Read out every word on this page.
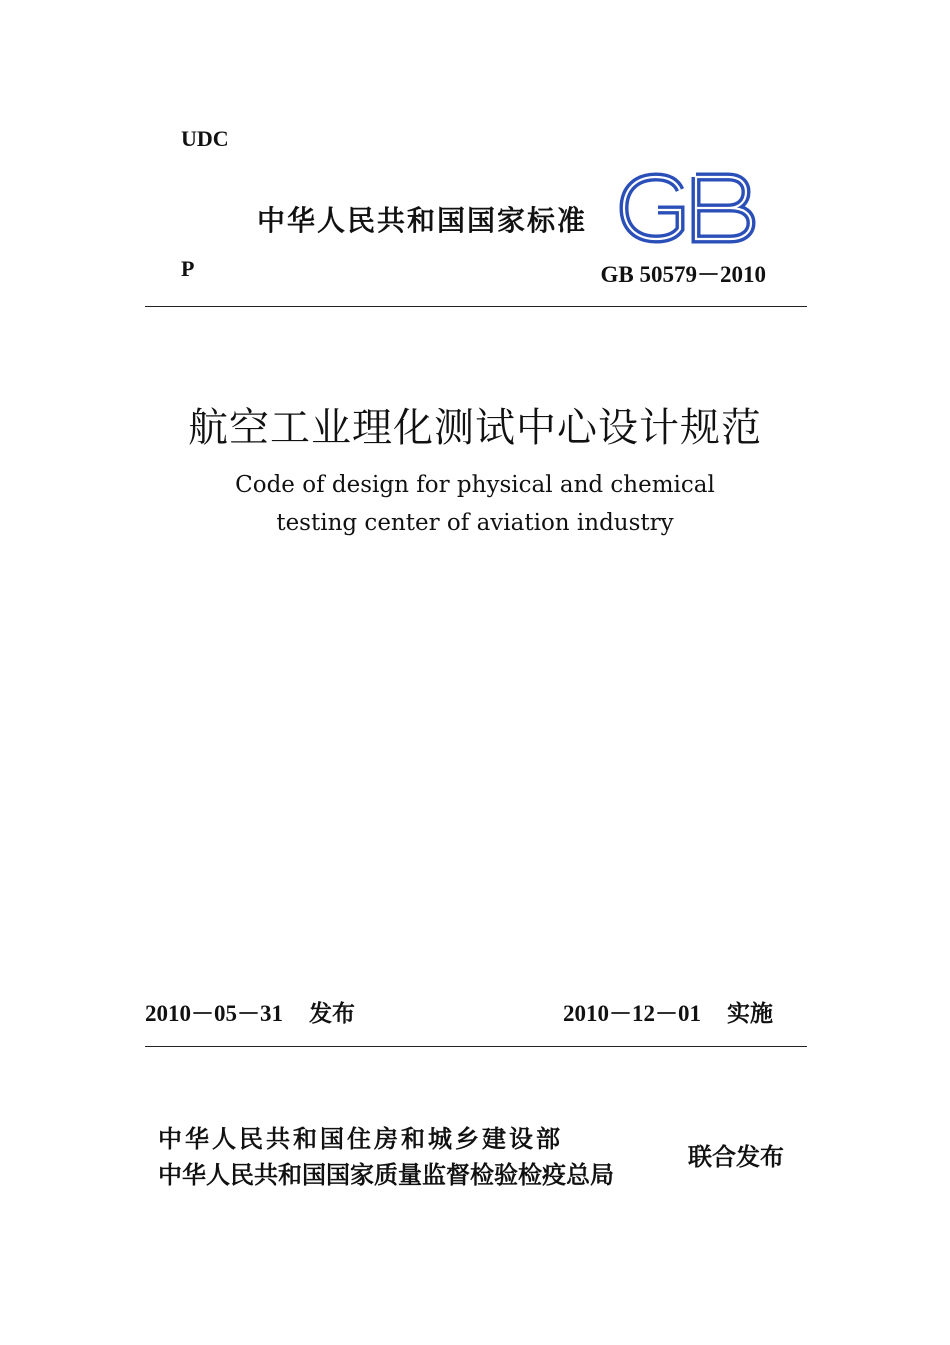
UDC
中华人民共和国国家标准
P	GB 50579－2010
航空工业理化测试中心设计规范
Code of design for physical and chemical
testing center of aviation industry
2010－05－31 发布	2010－12－01 实施
中华人民共和国住房和城乡建设部
中华人民共和国国家质量监督检验检疫总局
联合发布
